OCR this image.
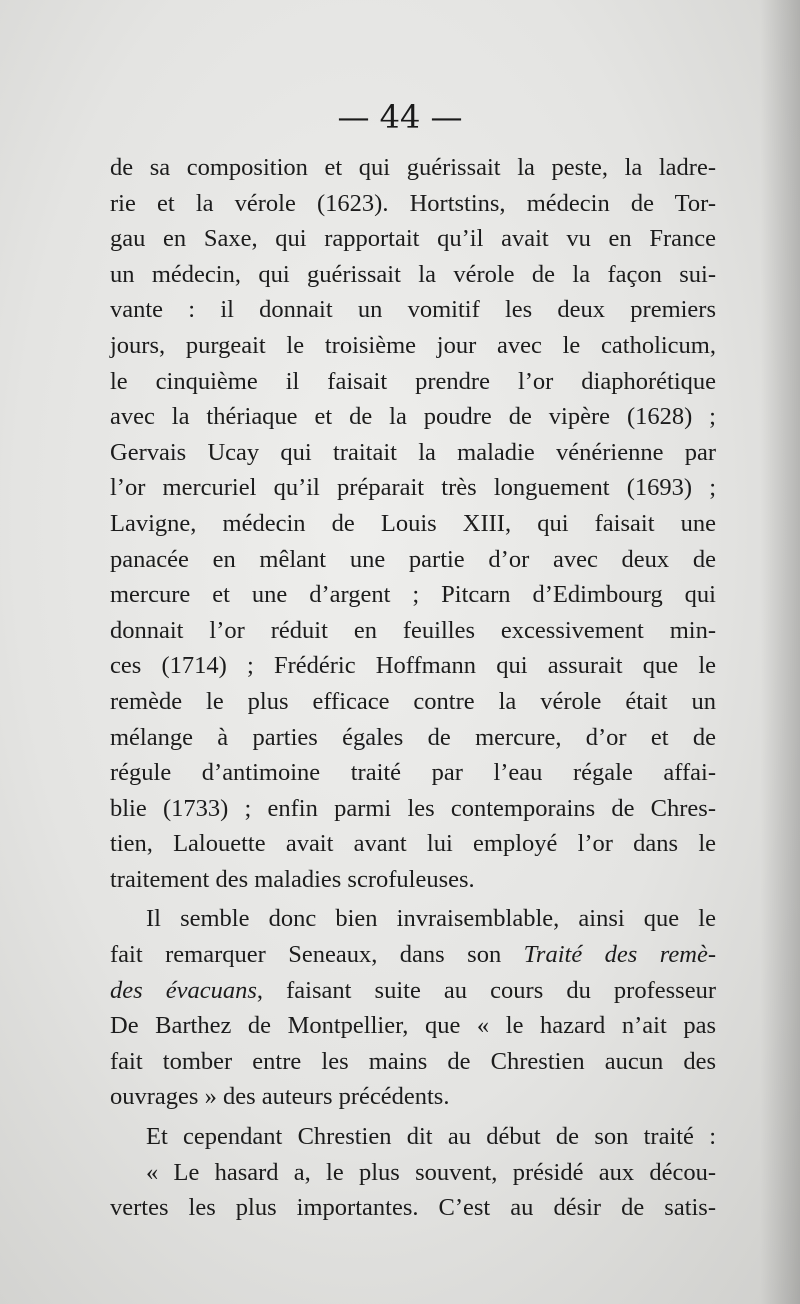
— 44 —
de sa composition et qui guérissait la peste, la ladre-
rie et la vérole (1623). Hortstins, médecin de Tor-
gau en Saxe, qui rapportait qu’il avait vu en France
un médecin, qui guérissait la vérole de la façon sui-
vante : il donnait un vomitif les deux premiers
jours, purgeait le troisième jour avec le catholicum,
le cinquième il faisait prendre l’or diaphorétique
avec la thériaque et de la poudre de vipère (1628) ;
Gervais Ucay qui traitait la maladie vénérienne par
l’or mercuriel qu’il préparait très longuement (1693) ;
Lavigne, médecin de Louis XIII, qui faisait une
panacée en mêlant une partie d’or avec deux de
mercure et une d’argent ; Pitcarn d’Edimbourg qui
donnait l’or réduit en feuilles excessivement min-
ces (1714) ; Frédéric Hoffmann qui assurait que le
remède le plus efficace contre la vérole était un
mélange à parties égales de mercure, d’or et de
régule d’antimoine traité par l’eau régale affai-
blie (1733) ; enfin parmi les contemporains de Chres-
tien, Lalouette avait avant lui employé l’or dans le
traitement des maladies scrofuleuses.
Il semble donc bien invraisemblable, ainsi que le
fait remarquer Seneaux, dans son Traité des remè-
des évacuans, faisant suite au cours du professeur
De Barthez de Montpellier, que « le hazard n’ait pas
fait tomber entre les mains de Chrestien aucun des
ouvrages » des auteurs précédents.
Et cependant Chrestien dit au début de son traité :
« Le hasard a, le plus souvent, présidé aux décou-
vertes les plus importantes. C’est au désir de satis-
